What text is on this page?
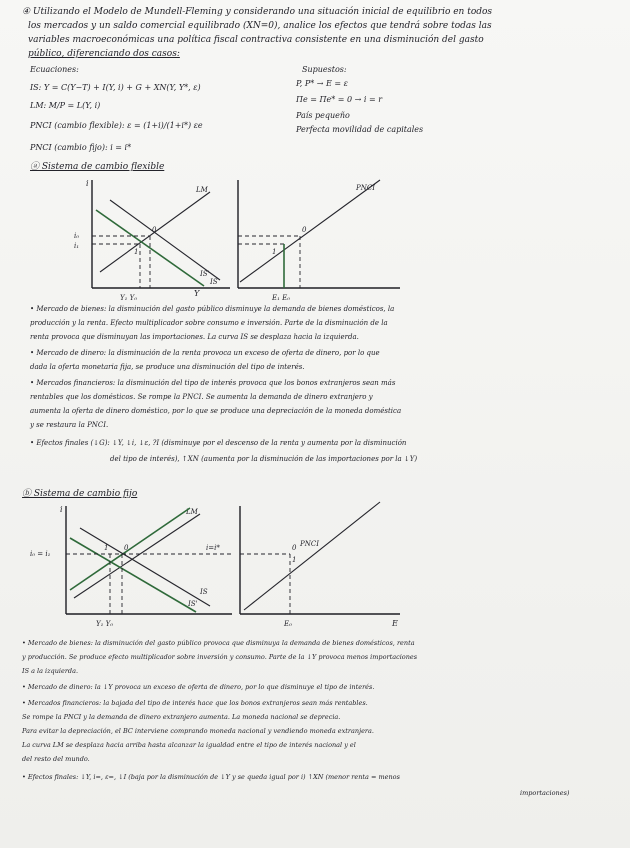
④ Utilizando el Modelo de Mundell-Fleming y considerando una situación inicial de equilibrio en todos
los mercados y un saldo comercial equilibrado (XN=0), analice los efectos que tendrá sobre todas las
variables macroeconómicas una política fiscal contractiva consistente en una disminución del gasto
público, diferenciando dos casos:
Ecuaciones:
IS: Y = C(Y−T) + I(Y, i) + G + XN(Y, Y*, ε)
LM: M/P = L(Y, i)
PNCI (cambio flexible): ε = (1+i)/(1+i*) εe
PNCI (cambio fijo): i = i*
Supuestos:
P, P* → E = ε
Πe = Πe* = 0 → i = r
País pequeño
Perfecta movilidad de capitales
ⓐ Sistema de cambio flexible
i
Y
LM
IS
IS'
i₀
i₁
Y₁ Y₀
0
1
PNCI
E₁ E₀
0
1
• Mercado de bienes: la disminución del gasto público disminuye la demanda de bienes domésticos, la
producción y la renta. Efecto multiplicador sobre consumo e inversión. Parte de la disminución de la
renta provoca que disminuyan las importaciones. La curva IS se desplaza hacia la izquierda.
• Mercado de dinero: la disminución de la renta provoca un exceso de oferta de dinero, por lo que
dada la oferta monetaria fija, se produce una disminución del tipo de interés.
• Mercados financieros: la disminución del tipo de interés provoca que los bonos extranjeros sean más
rentables que los domésticos. Se rompe la PNCI. Se aumenta la demanda de dinero extranjero y
aumenta la oferta de dinero doméstico, por lo que se produce una depreciación de la moneda doméstica
y se restaura la PNCI.
• Efectos finales (↓G): ↓Y, ↓i, ↓ε, ?I (disminuye por el descenso de la renta y aumenta por la disminución
del tipo de interés), ↑XN (aumenta por la disminución de las importaciones por la ↓Y)
ⓑ Sistema de cambio fijo
i	LM
IS
IS'
i₀ = i₁
Y₁ Y₀
0
1	i=i*	PNCI
E₀	E
0
1
• Mercado de bienes: la disminución del gasto público provoca que disminuya la demanda de bienes domésticos, renta
y producción. Se produce efecto multiplicador sobre inversión y consumo. Parte de la ↓Y provoca menos importaciones
IS a la izquierda.
• Mercado de dinero: la ↓Y provoca un exceso de oferta de dinero, por lo que disminuye el tipo de interés.
• Mercados financieros: la bajada del tipo de interés hace que los bonos extranjeros sean más rentables.
Se rompe la PNCI y la demanda de dinero extranjero aumenta. La moneda nacional se deprecia.
Para evitar la depreciación, el BC interviene comprando moneda nacional y vendiendo moneda extranjera.
La curva LM se desplaza hacia arriba hasta alcanzar la igualdad entre el tipo de interés nacional y el
del resto del mundo.
• Efectos finales: ↓Y, i=, ε=, ↓I (baja por la disminución de ↓Y y se queda igual por i) ↑XN (menor renta = menos
importaciones)
